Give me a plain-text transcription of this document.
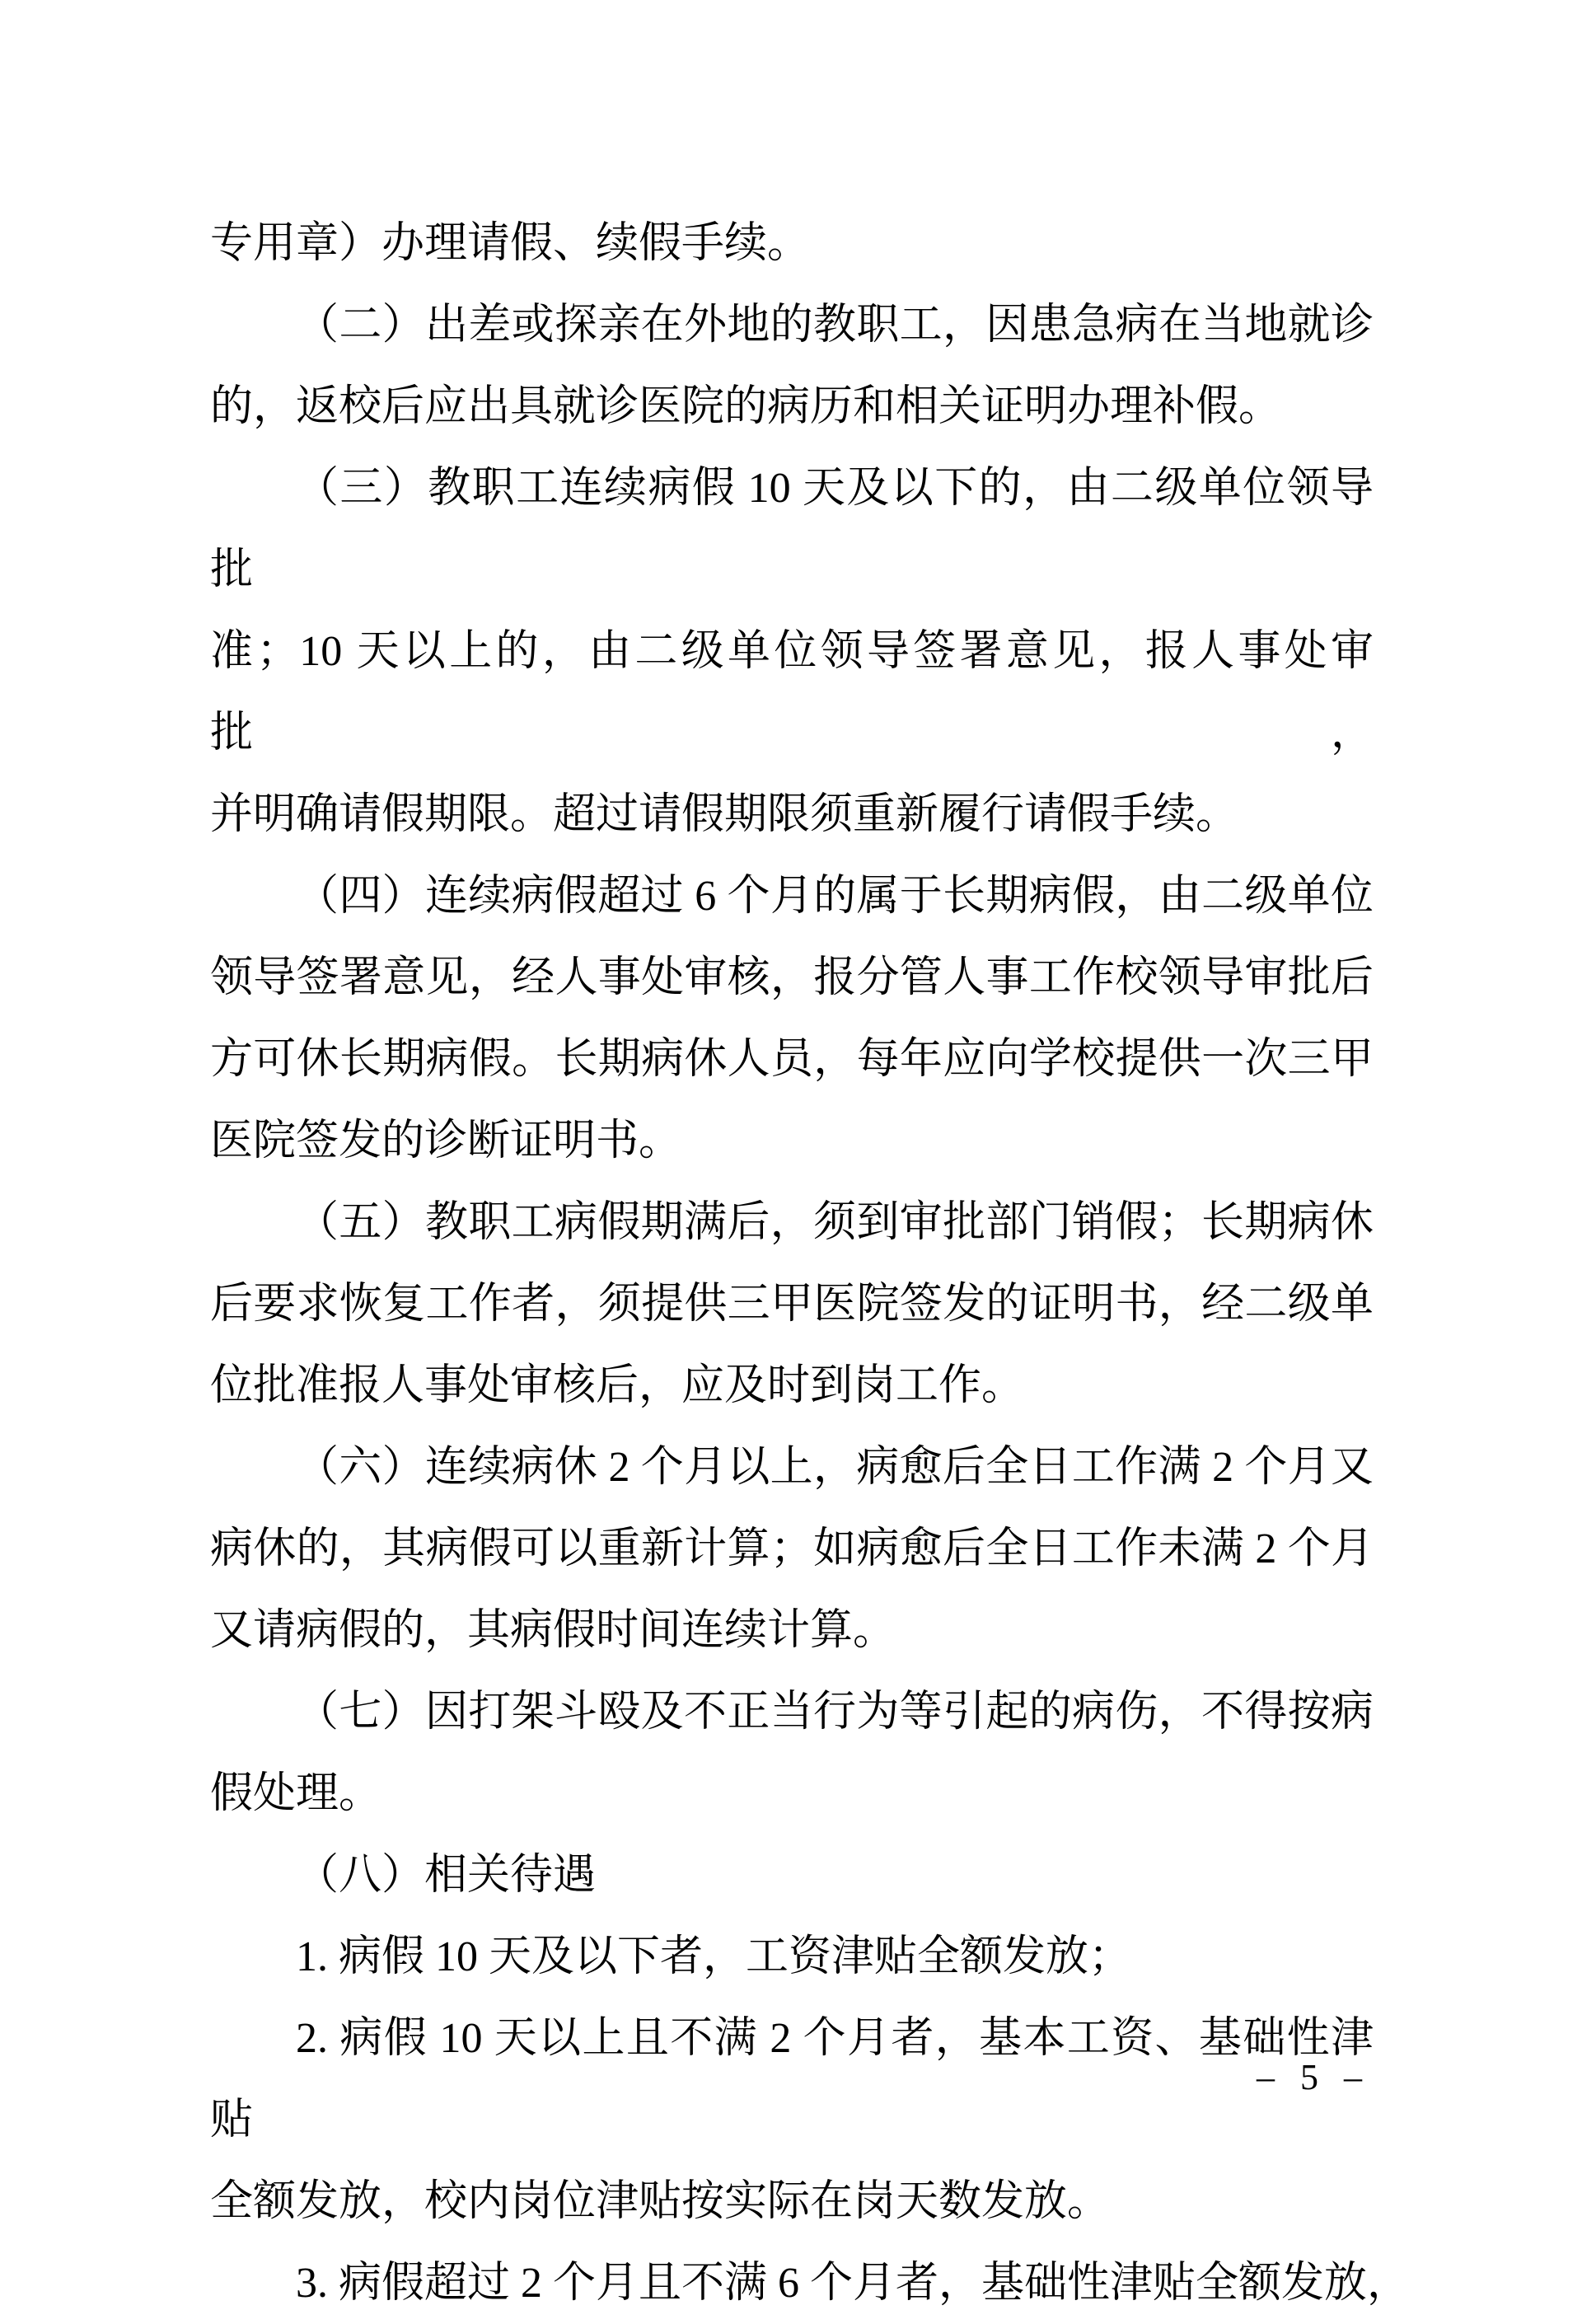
专用章）办理请假、续假手续。
（二）出差或探亲在外地的教职工，因患急病在当地就诊
的，返校后应出具就诊医院的病历和相关证明办理补假。
（三）教职工连续病假 10 天及以下的，由二级单位领导批
准；10 天以上的，由二级单位领导签署意见，报人事处审批，
并明确请假期限。超过请假期限须重新履行请假手续。
（四）连续病假超过 6 个月的属于长期病假，由二级单位
领导签署意见，经人事处审核，报分管人事工作校领导审批后
方可休长期病假。长期病休人员，每年应向学校提供一次三甲
医院签发的诊断证明书。
（五）教职工病假期满后，须到审批部门销假；长期病休
后要求恢复工作者，须提供三甲医院签发的证明书，经二级单
位批准报人事处审核后，应及时到岗工作。
（六）连续病休 2 个月以上，病愈后全日工作满 2 个月又
病休的，其病假可以重新计算；如病愈后全日工作未满 2 个月
又请病假的，其病假时间连续计算。
（七）因打架斗殴及不正当行为等引起的病伤，不得按病
假处理。
（八）相关待遇
1. 病假 10 天及以下者，工资津贴全额发放；
2. 病假 10 天以上且不满 2 个月者，基本工资、基础性津贴
全额发放，校内岗位津贴按实际在岗天数发放。
3. 病假超过 2 个月且不满 6 个月者，基础性津贴全额发放，
– 5 –
